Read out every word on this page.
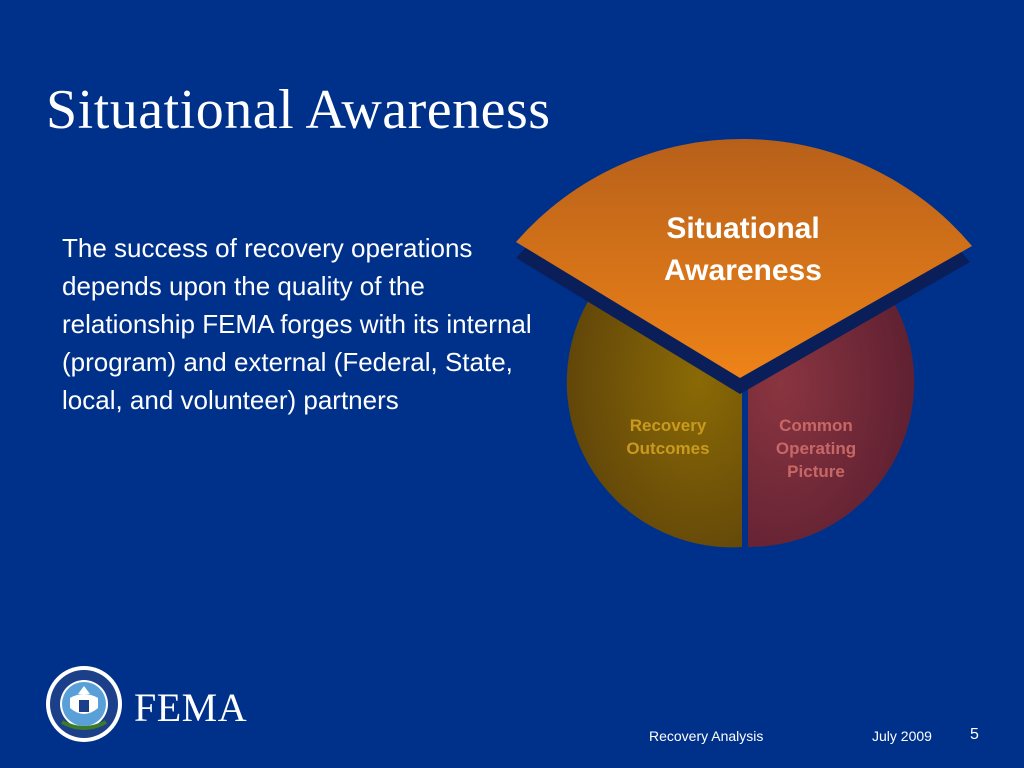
Situational Awareness

The success of recovery operations depends upon the quality of the relationship FEMA forges with its internal (program) and external (Federal, State, local, and volunteer) partners

Situational
Awareness
Recovery
Outcomes
Common
Operating
Picture
FEMA
Recovery Analysis	July 2009 5
